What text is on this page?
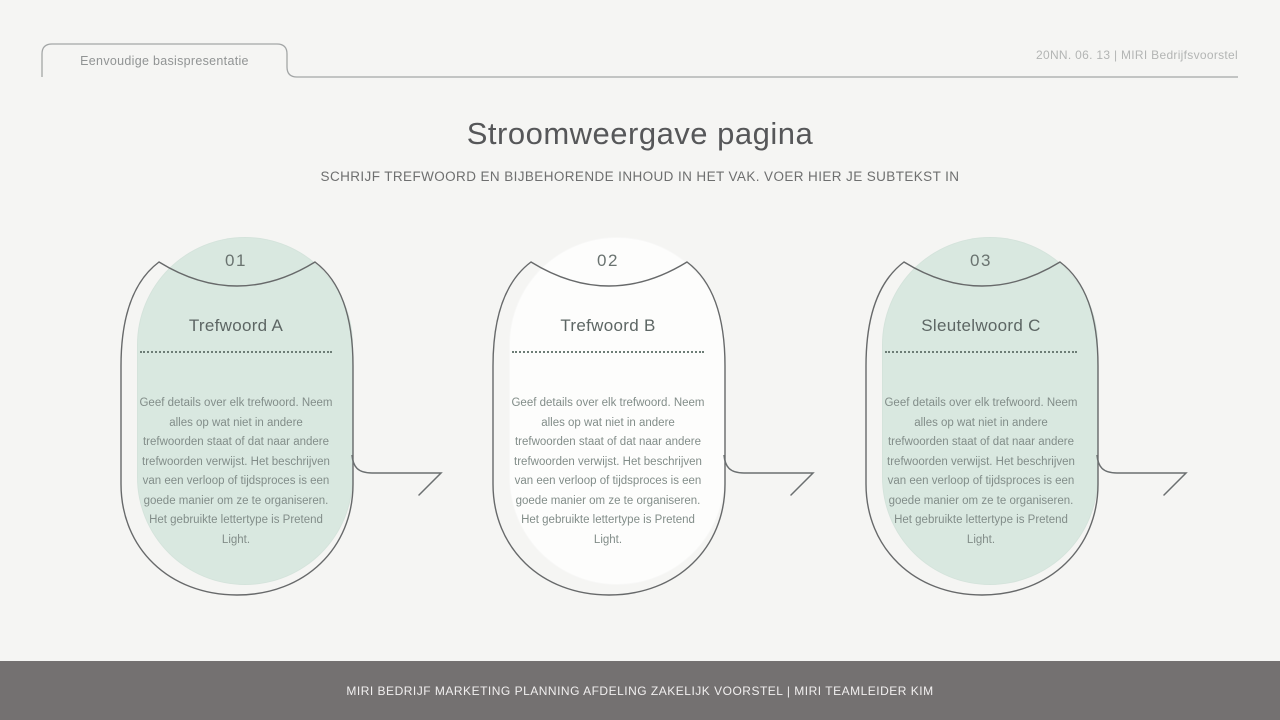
Eenvoudige basispresentatie	20NN. 06. 13 | MIRI Bedrijfsvoorstel
Stroomweergave pagina
SCHRIJF TREFWOORD EN BIJBEHORENDE INHOUD IN HET VAK. VOER HIER JE SUBTEKST IN
01
Trefwoord A
Geef details over elk trefwoord. Neem alles op wat niet in andere trefwoorden staat of dat naar andere trefwoorden verwijst. Het beschrijven van een verloop of tijdsproces is een goede manier om ze te organiseren. Het gebruikte lettertype is Pretend Light.
02
Trefwoord B
Geef details over elk trefwoord. Neem alles op wat niet in andere trefwoorden staat of dat naar andere trefwoorden verwijst. Het beschrijven van een verloop of tijdsproces is een goede manier om ze te organiseren. Het gebruikte lettertype is Pretend Light.
03
Sleutelwoord C
Geef details over elk trefwoord. Neem alles op wat niet in andere trefwoorden staat of dat naar andere trefwoorden verwijst. Het beschrijven van een verloop of tijdsproces is een goede manier om ze te organiseren. Het gebruikte lettertype is Pretend Light.
MIRI BEDRIJF MARKETING PLANNING AFDELING ZAKELIJK VOORSTEL | MIRI TEAMLEIDER KIM
